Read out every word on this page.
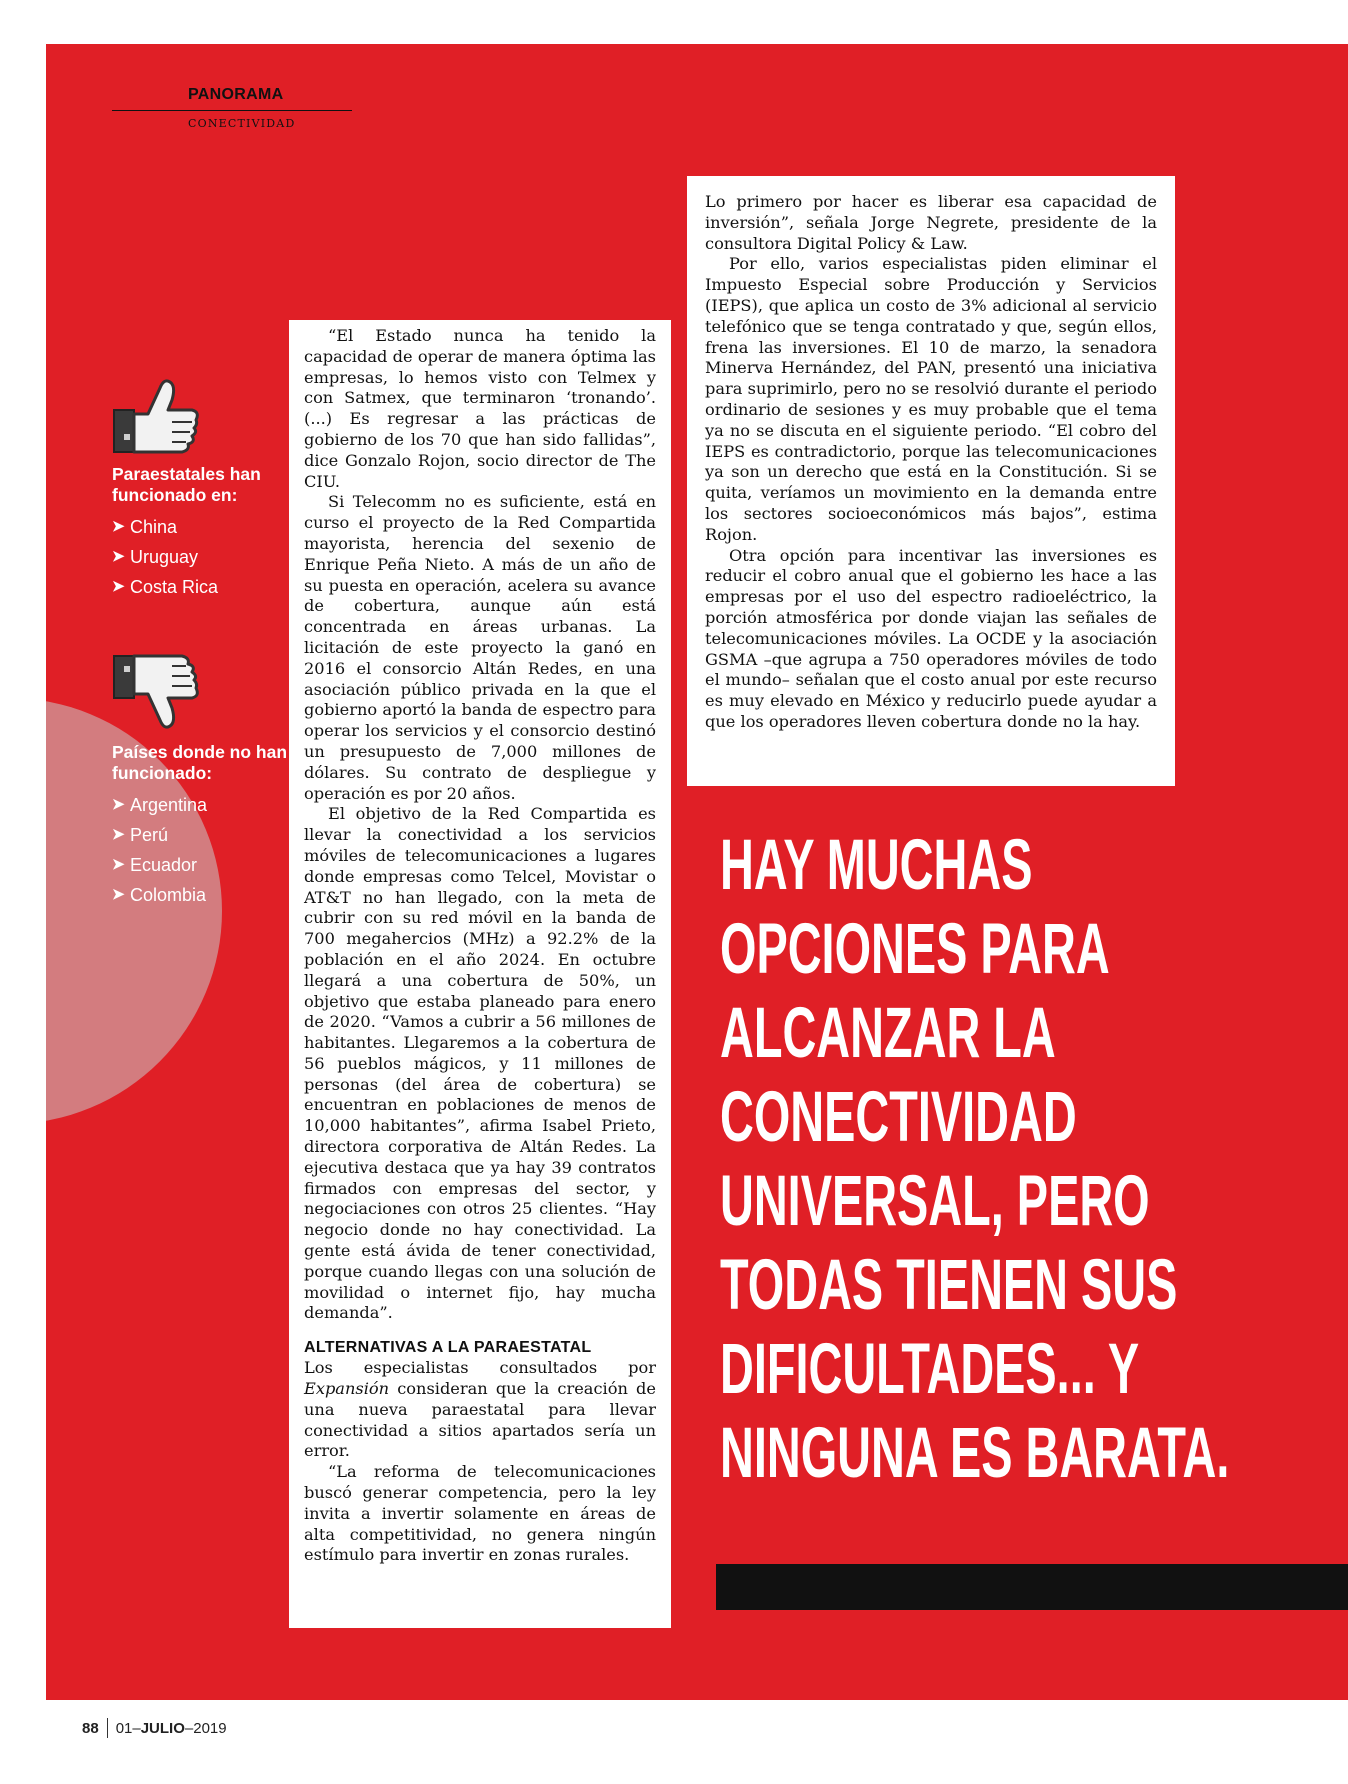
PANORAMA
CONECTIVIDAD
Paraestatales han funcionado en:
➤ China
➤ Uruguay
➤ Costa Rica
Países donde no han funcionado:
➤ Argentina
➤ Perú
➤ Ecuador
➤ Colombia

“El Estado nunca ha tenido la capacidad de operar de manera óptima las empresas, lo hemos visto con Telmex y con Satmex, que terminaron ‘tronando’. (...) Es regresar a las prácticas de gobierno de los 70 que han sido fallidas”, dice Gonzalo Rojon, socio director de The CIU.

Si Telecomm no es suficiente, está en curso el proyecto de la Red Compartida mayorista, herencia del sexenio de Enrique Peña Nieto. A más de un año de su puesta en operación, acelera su avance de cobertura, aunque aún está concentrada en áreas urbanas. La licitación de este proyecto la ganó en 2016 el consorcio Altán Redes, en una asociación público privada en la que el gobierno aportó la banda de espectro para operar los servicios y el consorcio destinó un presupuesto de 7,000 millones de dólares. Su contrato de despliegue y operación es por 20 años.

El objetivo de la Red Compartida es llevar la conectividad a los servicios móviles de telecomunicaciones a lugares donde empresas como Telcel, Movistar o AT&T no han llegado, con la meta de cubrir con su red móvil en la banda de 700 megahercios (MHz) a 92.2% de la población en el año 2024. En octubre llegará a una cobertura de 50%, un objetivo que estaba planeado para enero de 2020. “Vamos a cubrir a 56 millones de habitantes. Llegaremos a la cobertura de 56 pueblos mágicos, y 11 millones de personas (del área de cobertura) se encuentran en poblaciones de menos de 10,000 habitantes”, afirma Isabel Prieto, directora corporativa de Altán Redes. La ejecutiva destaca que ya hay 39 contratos firmados con empresas del sector, y negociaciones con otros 25 clientes. “Hay negocio donde no hay conectividad. La gente está ávida de tener conectividad, porque cuando llegas con una solución de movilidad o internet fijo, hay mucha demanda”.

ALTERNATIVAS A LA PARAESTATAL

Los especialistas consultados por Expansión consideran que la creación de una nueva paraestatal para llevar conectividad a sitios apartados sería un error.

“La reforma de telecomunicaciones buscó generar competencia, pero la ley invita a invertir solamente en áreas de alta competitividad, no genera ningún estímulo para invertir en zonas rurales.

Lo primero por hacer es liberar esa capacidad de inversión”, señala Jorge Negrete, presidente de la consultora Digital Policy & Law.

Por ello, varios especialistas piden eliminar el Impuesto Especial sobre Producción y Servicios (IEPS), que aplica un costo de 3% adicional al servicio telefónico que se tenga contratado y que, según ellos, frena las inversiones. El 10 de marzo, la senadora Minerva Hernández, del PAN, presentó una iniciativa para suprimirlo, pero no se resolvió durante el periodo ordinario de sesiones y es muy probable que el tema ya no se discuta en el siguiente periodo. “El cobro del IEPS es contradictorio, porque las telecomunicaciones ya son un derecho que está en la Constitución. Si se quita, veríamos un movimiento en la demanda entre los sectores socioeconómicos más bajos”, estima Rojon.

Otra opción para incentivar las inversiones es reducir el cobro anual que el gobierno les hace a las empresas por el uso del espectro radioeléctrico, la porción atmosférica por donde viajan las señales de telecomunicaciones móviles. La OCDE y la asociación GSMA –que agrupa a 750 operadores móviles de todo el mundo– señalan que el costo anual por este recurso es muy elevado en México y reducirlo puede ayudar a que los operadores lleven cobertura donde no la hay.

HAY MUCHAS
OPCIONES PARA
ALCANZAR LA
CONECTIVIDAD
UNIVERSAL, PERO
TODAS TIENEN SUS
DIFICULTADES... Y
NINGUNA ES BARATA.
88 01– JULIO –2019
